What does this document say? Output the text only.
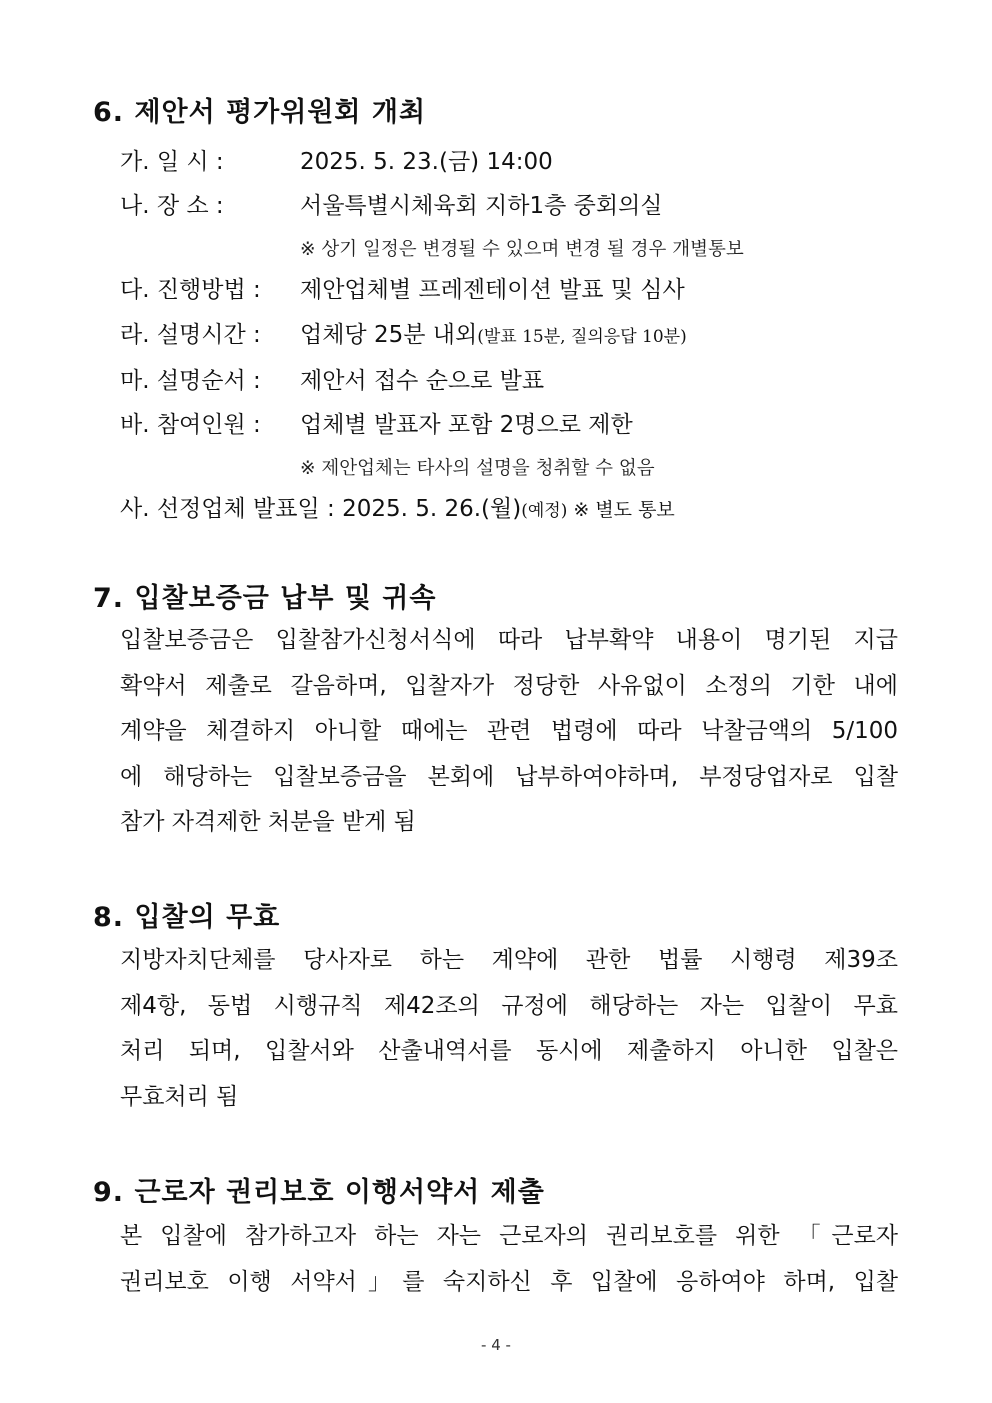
6. 제안서 평가위원회 개최
가. 일 시 :	2025. 5. 23.(금) 14:00
나. 장 소 :	서울특별시체육회 지하1층 중회의실
※ 상기 일정은 변경될 수 있으며 변경 될 경우 개별통보
다. 진행방법 : 제안업체별 프레젠테이션 발표 및 심사
라. 설명시간 : 업체당 25분 내외(발표 15분, 질의응답 10분)
마. 설명순서 : 제안서 접수 순으로 발표
바. 참여인원 : 업체별 발표자 포함 2명으로 제한
※ 제안업체는 타사의 설명을 청취할 수 없음
사. 선정업체 발표일 : 2025. 5. 26.(월)(예정) ※ 별도 통보
7. 입찰보증금 납부 및 귀속
입찰보증금은 입찰참가신청서식에 따라 납부확약 내용이 명기된 지급
확약서 제출로 갈음하며, 입찰자가 정당한 사유없이 소정의 기한 내에
계약을 체결하지 아니할 때에는 관련 법령에 따라 낙찰금액의 5/100
에 해당하는 입찰보증금을 본회에 납부하여야하며, 부정당업자로 입찰
참가 자격제한 처분을 받게 됨
8. 입찰의 무효
지방자치단체를 당사자로 하는 계약에 관한 법률 시행령 제39조
제4항, 동법 시행규칙 제42조의 규정에 해당하는 자는 입찰이 무효
처리 되며, 입찰서와 산출내역서를 동시에 제출하지 아니한 입찰은
무효처리 됨
9. 근로자 권리보호 이행서약서 제출
본 입찰에 참가하고자 하는 자는 근로자의 권리보호를 위한 「근로자
권리보호 이행 서약서」를 숙지하신 후 입찰에 응하여야 하며, 입찰
- 4 -
